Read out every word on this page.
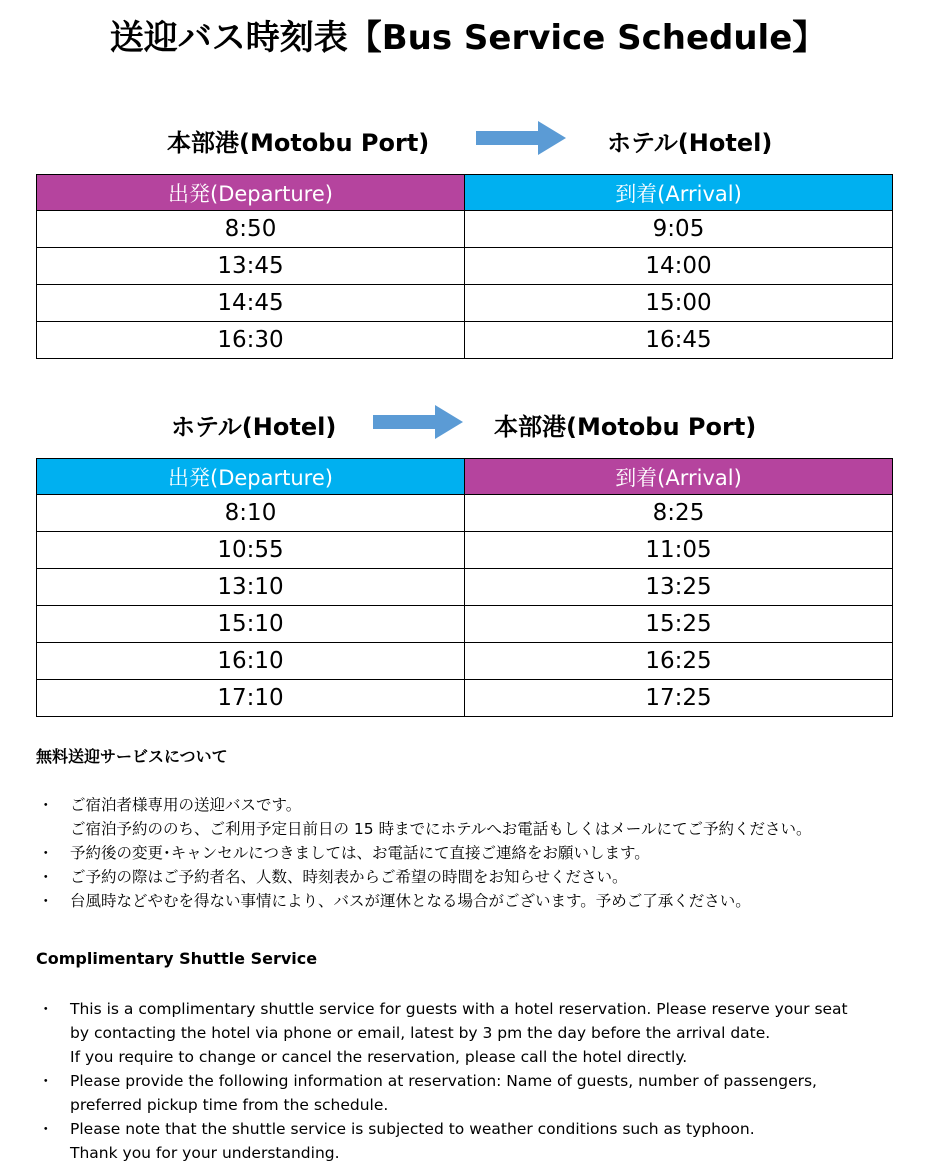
送迎バス時刻表【Bus Service Schedule】
本部港(Motobu Port)	ホテル(Hotel)
出発(Departure)	到着(Arrival)
8:50	9:05
13:45	14:00
14:45	15:00
16:30	16:45
ホテル(Hotel)	本部港(Motobu Port)
出発(Departure)	到着(Arrival)
8:10	8:25
10:55	11:05
13:10	13:25
15:10	15:25
16:10	16:25
17:10	17:25
無料送迎サービスについて
・ ご宿泊者様専用の送迎バスです。
ご宿泊予約ののち、ご利用予定日前日の 15 時までにホテルへお電話もしくはメールにてご予約ください。
・ 予約後の変更･キャンセルにつきましては、お電話にて直接ご連絡をお願いします。
・ ご予約の際はご予約者名、人数、時刻表からご希望の時間をお知らせください。
・ 台風時などやむを得ない事情により、バスが運休となる場合がございます。予めご了承ください。
Complimentary Shuttle Service
・ This is a complimentary shuttle service for guests with a hotel reservation. Please reserve your seat
by contacting the hotel via phone or email, latest by 3 pm the day before the arrival date.
If you require to change or cancel the reservation, please call the hotel directly.
・ Please provide the following information at reservation: Name of guests, number of passengers,
preferred pickup time from the schedule.
・ Please note that the shuttle service is subjected to weather conditions such as typhoon.
Thank you for your understanding.
